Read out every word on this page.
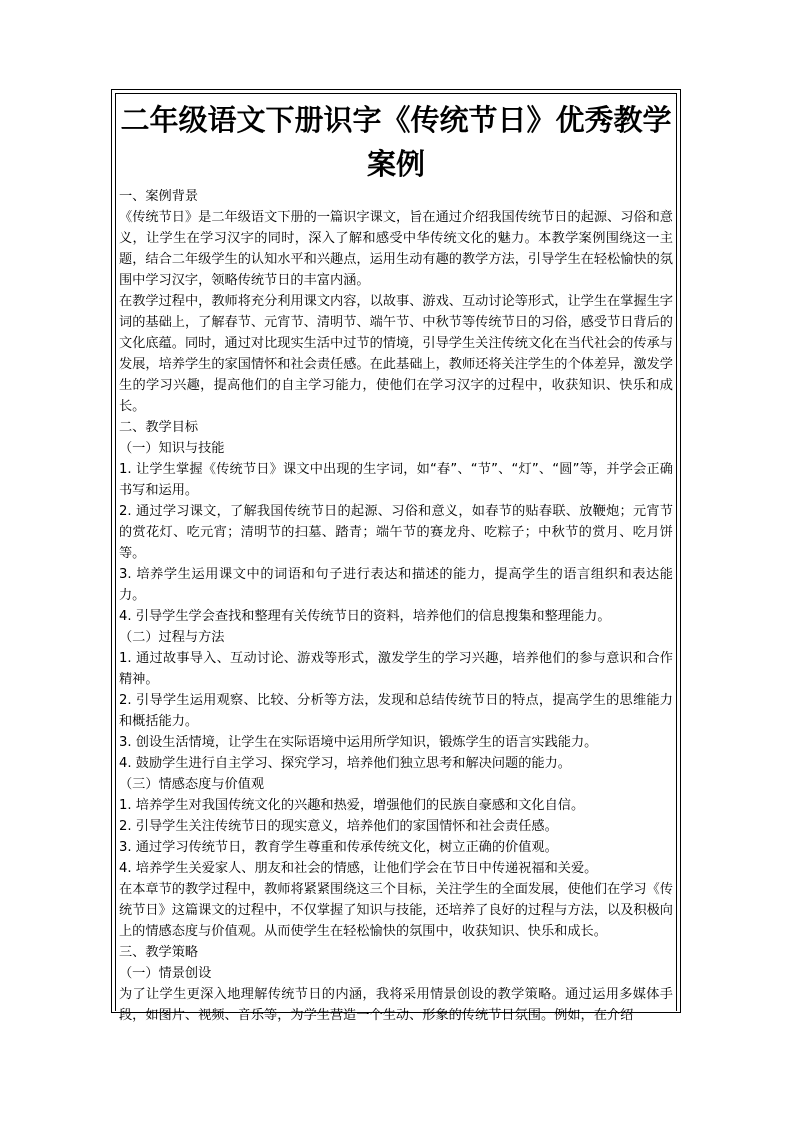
二年级语文下册识字《传统节日》优秀教学案例

一、案例背景

《传统节日》是二年级语文下册的一篇识字课文，旨在通过介绍我国传统节日的起源、习俗和意义，让学生在学习汉字的同时，深入了解和感受中华传统文化的魅力。本教学案例围绕这一主题，结合二年级学生的认知水平和兴趣点，运用生动有趣的教学方法，引导学生在轻松愉快的氛围中学习汉字，领略传统节日的丰富内涵。

在教学过程中，教师将充分利用课文内容，以故事、游戏、互动讨论等形式，让学生在掌握生字词的基础上，了解春节、元宵节、清明节、端午节、中秋节等传统节日的习俗，感受节日背后的文化底蕴。同时，通过对比现实生活中过节的情境，引导学生关注传统文化在当代社会的传承与发展，培养学生的家国情怀和社会责任感。在此基础上，教师还将关注学生的个体差异，激发学生的学习兴趣，提高他们的自主学习能力，使他们在学习汉字的过程中，收获知识、快乐和成长。

二、教学目标

（一）知识与技能

1. 让学生掌握《传统节日》课文中出现的生字词，如“春”、“节”、“灯”、“圆”等，并学会正确书写和运用。

2. 通过学习课文，了解我国传统节日的起源、习俗和意义，如春节的贴春联、放鞭炮；元宵节的赏花灯、吃元宵；清明节的扫墓、踏青；端午节的赛龙舟、吃粽子；中秋节的赏月、吃月饼等。

3. 培养学生运用课文中的词语和句子进行表达和描述的能力，提高学生的语言组织和表达能力。

4. 引导学生学会查找和整理有关传统节日的资料，培养他们的信息搜集和整理能力。

（二）过程与方法

1. 通过故事导入、互动讨论、游戏等形式，激发学生的学习兴趣，培养他们的参与意识和合作精神。

2. 引导学生运用观察、比较、分析等方法，发现和总结传统节日的特点，提高学生的思维能力和概括能力。

3. 创设生活情境，让学生在实际语境中运用所学知识，锻炼学生的语言实践能力。

4. 鼓励学生进行自主学习、探究学习，培养他们独立思考和解决问题的能力。

（三）情感态度与价值观

1. 培养学生对我国传统文化的兴趣和热爱，增强他们的民族自豪感和文化自信。

2. 引导学生关注传统节日的现实意义，培养他们的家国情怀和社会责任感。

3. 通过学习传统节日，教育学生尊重和传承传统文化，树立正确的价值观。

4. 培养学生关爱家人、朋友和社会的情感，让他们学会在节日中传递祝福和关爱。

在本章节的教学过程中，教师将紧紧围绕这三个目标，关注学生的全面发展，使他们在学习《传统节日》这篇课文的过程中，不仅掌握了知识与技能，还培养了良好的过程与方法，以及积极向上的情感态度与价值观。从而使学生在轻松愉快的氛围中，收获知识、快乐和成长。

三、教学策略

（一）情景创设

为了让学生更深入地理解传统节日的内涵，我将采用情景创设的教学策略。通过运用多媒体手段，如图片、视频、音乐等，为学生营造一个生动、形象的传统节日氛围。例如，在介绍
